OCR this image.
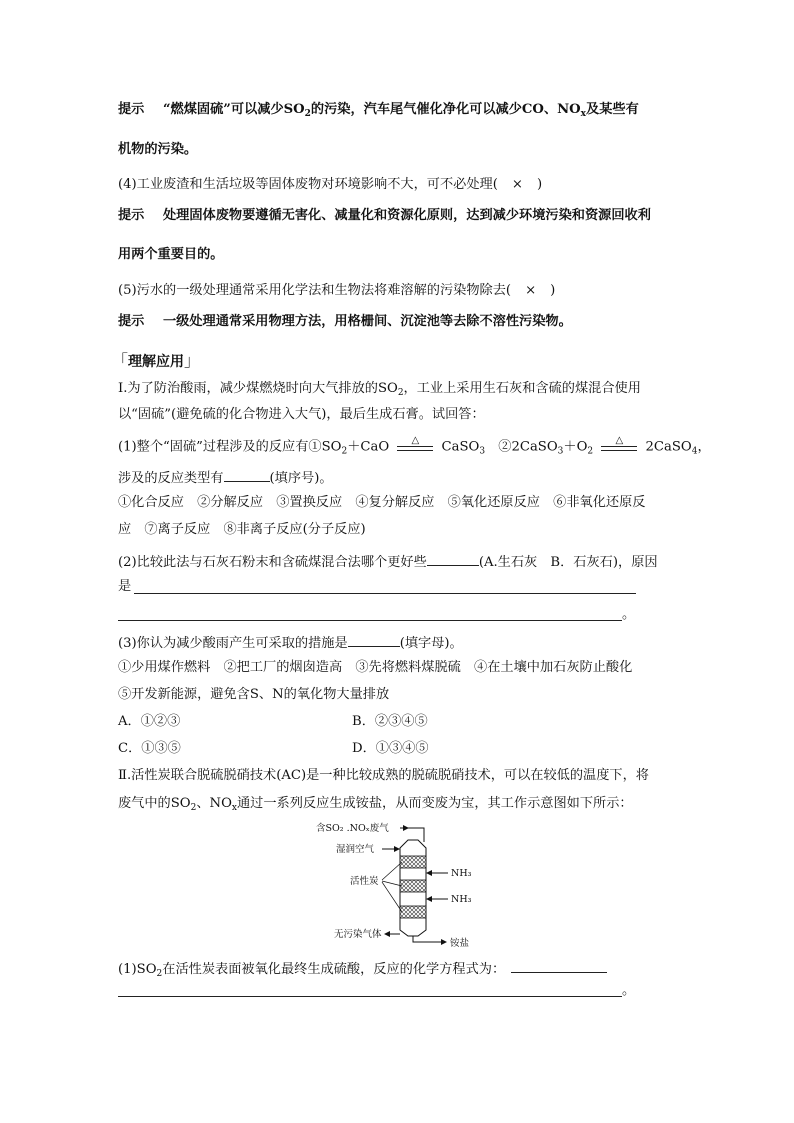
提示 “燃煤固硫”可以减少$SO_2$的污染，汽车尾气催化净化可以减少CO、$NO_x$及某些有
机物的污染。
(4)工业废渣和生活垃圾等固体废物对环境影响不大，可不必处理( × )
提示 处理固体废物要遵循无害化、减量化和资源化原则，达到减少环境污染和资源回收利
用两个重要目的。
(5)污水的一级处理通常采用化学法和生物法将难溶解的污染物除去( × )
提示 一级处理通常采用物理方法，用格栅间、沉淀池等去除不溶性污染物。
「理解应用」
Ⅰ.为了防治酸雨，减少煤燃烧时向大气排放的$SO_2$，工业上采用生石灰和含硫的煤混合使用
以“固硫”(避免硫的化合物进入大气)，最后生成石膏。试回答：
(1)整个“固硫”过程涉及的反应有$①SO_2+CaO$	△	CaSO$_3$　$②2CaSO_3+O_2$
△	2CaSO$_4$，
涉及的反应类型有	(填序号)。
①化合反应　②分解反应　③置换反应　④复分解反应　⑤氧化还原反应　⑥非氧化还原反
应　⑦离子反应　⑧非离子反应(分子反应)
(2)比较此法与石灰石粉末和含硫煤混合法哪个更好些	(A.生石灰　B．石灰石)，原因
是
。
(3)你认为减少酸雨产生可采取的措施是	(填字母)。
①少用煤作燃料　②把工厂的烟囱造高　③先将燃料煤脱硫　④在土壤中加石灰防止酸化
⑤开发新能源，避免含S、N的氧化物大量排放
A．①②③	B．②③④⑤
C．①③⑤	D．①③④⑤
Ⅱ.活性炭联合脱硫脱硝技术(AC)是一种比较成熟的脱硫脱硝技术，可以在较低的温度下，将
废气中的$SO_2$、$NO_x$通过一系列反应生成铵盐，从而变废为宝，其工作示意图如下所示：
含SO₂ .NOₓ废气
湿润空气
活性炭
NH₃
NH₃
无污染气体
铵盐
$(1)SO_2$在活性炭表面被氧化最终生成硫酸，反应的化学方程式为：
。
